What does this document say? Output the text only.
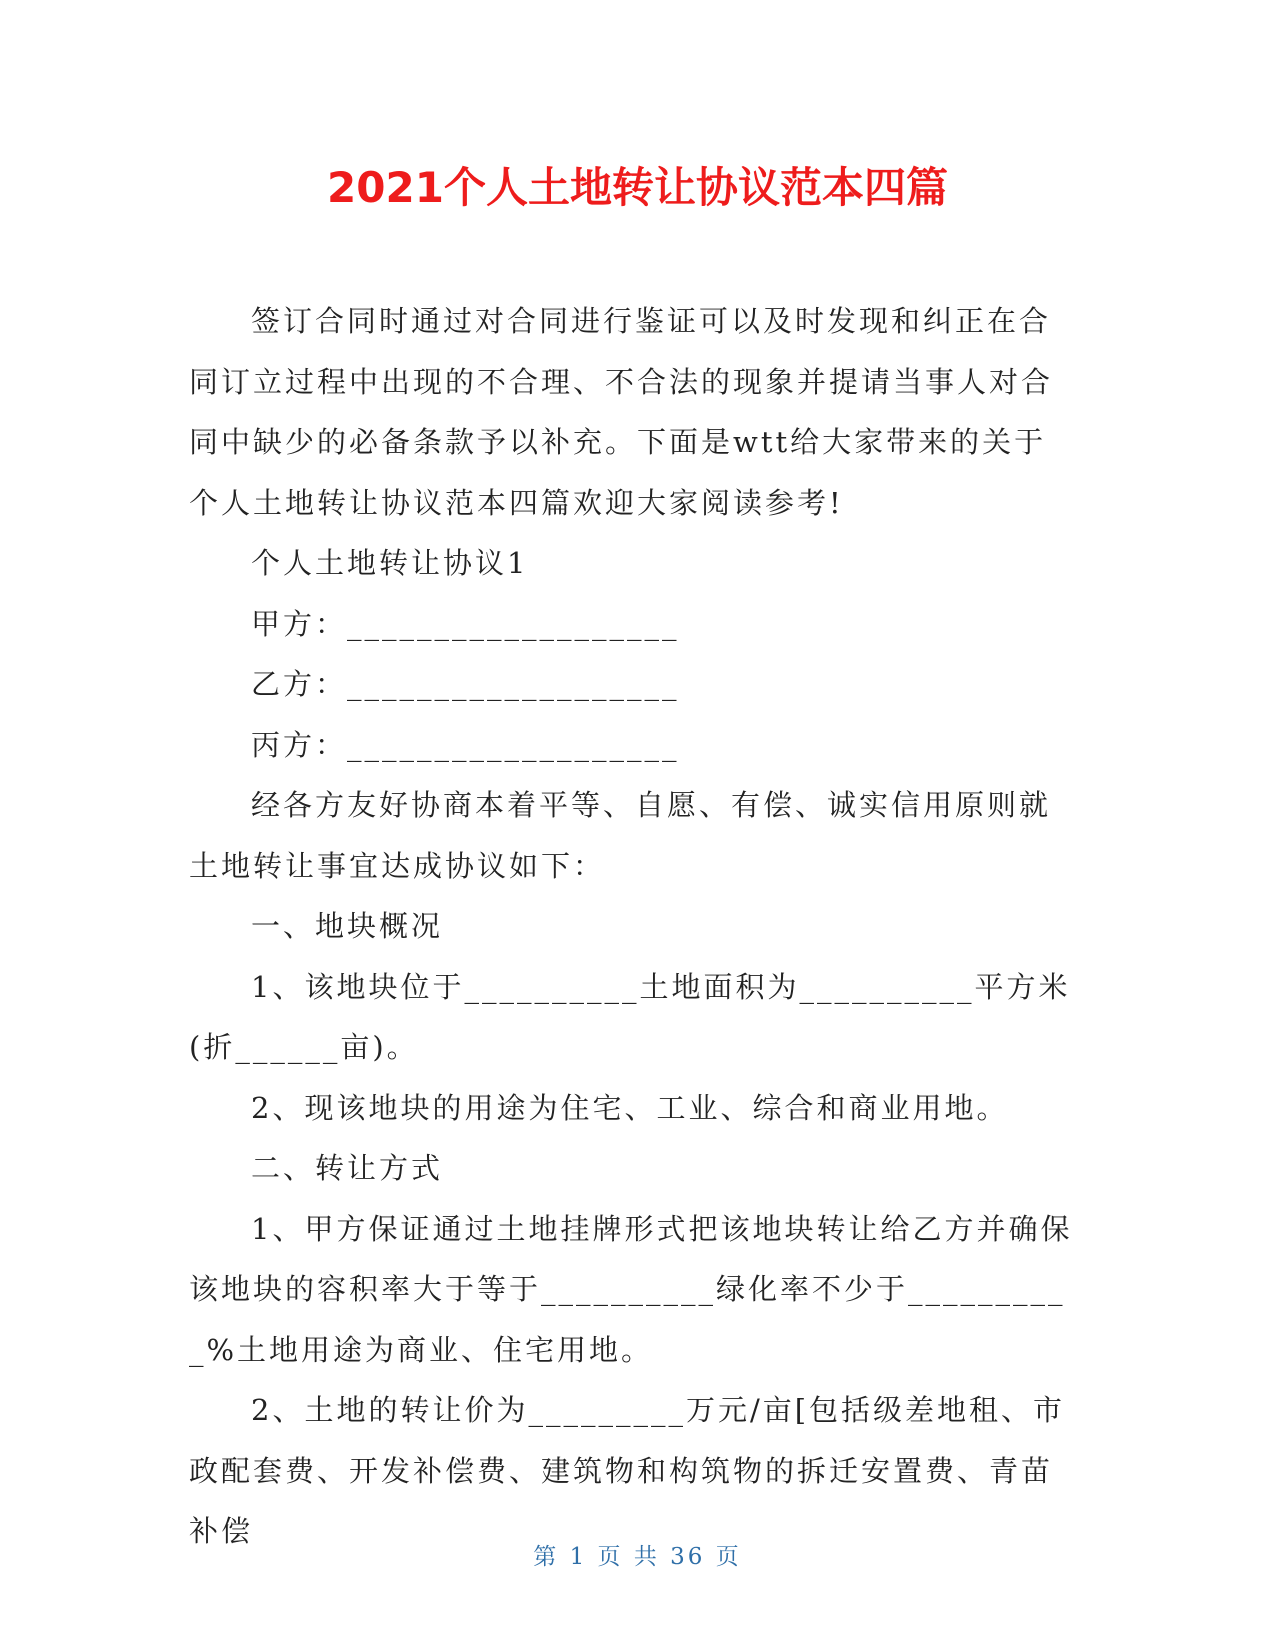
2021个人土地转让协议范本四篇

签订合同时通过对合同进行鉴证可以及时发现和纠正在合同订立过程中出现的不合理、不合法的现象并提请当事人对合同中缺少的必备条款予以补充。下面是wtt给大家带来的关于个人土地转让协议范本四篇欢迎大家阅读参考!

个人土地转让协议1

甲方：___________________

乙方：___________________

丙方：___________________

经各方友好协商本着平等、自愿、有偿、诚实信用原则就土地转让事宜达成协议如下：

一、地块概况

1、该地块位于__________土地面积为__________平方米(折______亩)。

2、现该地块的用途为住宅、工业、综合和商业用地。

二、转让方式

1、甲方保证通过土地挂牌形式把该地块转让给乙方并确保该地块的容积率大于等于__________绿化率不少于__________%土地用途为商业、住宅用地。

2、土地的转让价为_________万元/亩[包括级差地租、市政配套费、开发补偿费、建筑物和构筑物的拆迁安置费、青苗补偿

第 1 页 共 36 页
